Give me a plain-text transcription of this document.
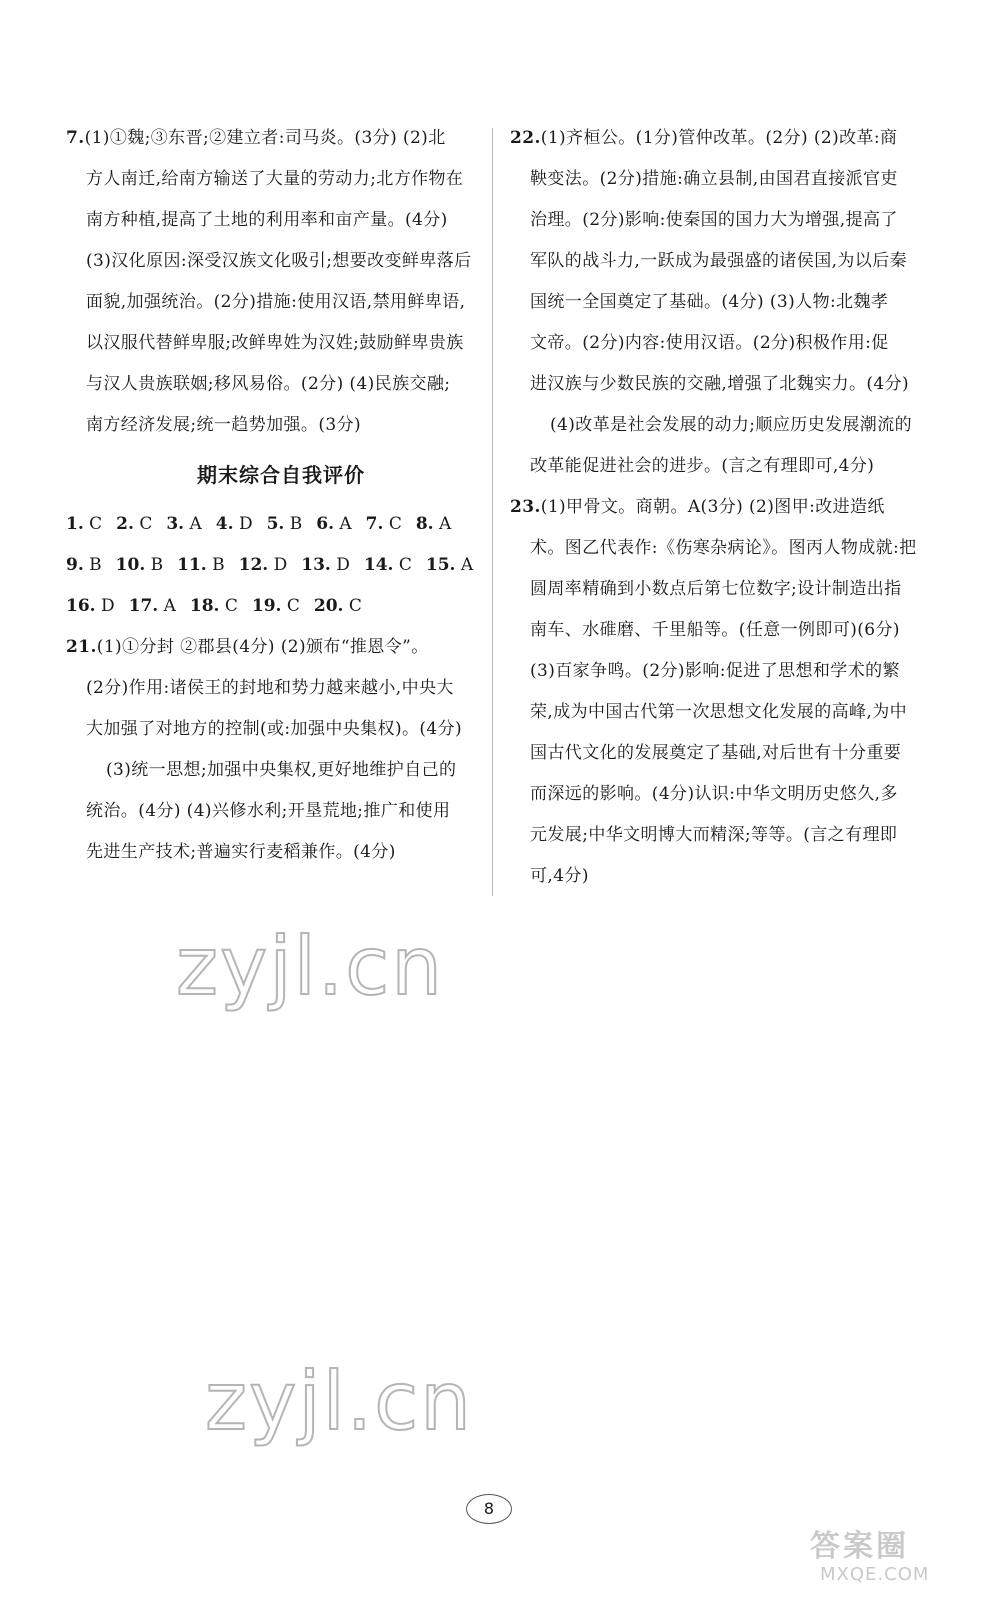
7.(1)①魏;③东晋;②建立者:司马炎。(3分) (2)北
方人南迁,给南方输送了大量的劳动力;北方作物在
南方种植,提高了土地的利用率和亩产量。(4分)
(3)汉化原因:深受汉族文化吸引;想要改变鲜卑落后
面貌,加强统治。(2分)措施:使用汉语,禁用鲜卑语,
以汉服代替鲜卑服;改鲜卑姓为汉姓;鼓励鲜卑贵族
与汉人贵族联姻;移风易俗。(2分) (4)民族交融;
南方经济发展;统一趋势加强。(3分)
期末综合自我评价
1. C 2. C 3. A 4. D 5. B 6. A 7. C 8. A
9. B 10. B 11. B 12. D 13. D 14. C 15. A
16. D 17. A 18. C 19. C 20. C
21.(1)①分封 ②郡县(4分) (2)颁布“推恩令”。
(2分)作用:诸侯王的封地和势力越来越小,中央大
大加强了对地方的控制(或:加强中央集权)。(4分)
(3)统一思想;加强中央集权,更好地维护自己的
统治。(4分) (4)兴修水利;开垦荒地;推广和使用
先进生产技术;普遍实行麦稻兼作。(4分)
22.(1)齐桓公。(1分)管仲改革。(2分) (2)改革:商
鞅变法。(2分)措施:确立县制,由国君直接派官吏
治理。(2分)影响:使秦国的国力大为增强,提高了
军队的战斗力,一跃成为最强盛的诸侯国,为以后秦
国统一全国奠定了基础。(4分) (3)人物:北魏孝
文帝。(2分)内容:使用汉语。(2分)积极作用:促
进汉族与少数民族的交融,增强了北魏实力。(4分)
(4)改革是社会发展的动力;顺应历史发展潮流的
改革能促进社会的进步。(言之有理即可,4分)
23.(1)甲骨文。商朝。A(3分) (2)图甲:改进造纸
术。图乙代表作:《伤寒杂病论》。图丙人物成就:把
圆周率精确到小数点后第七位数字;设计制造出指
南车、水碓磨、千里船等。(任意一例即可)(6分)
(3)百家争鸣。(2分)影响:促进了思想和学术的繁
荣,成为中国古代第一次思想文化发展的高峰,为中
国古代文化的发展奠定了基础,对后世有十分重要
而深远的影响。(4分)认识:中华文明历史悠久,多
元发展;中华文明博大而精深;等等。(言之有理即
可,4分)
zyjl.cn
zyjl.cn
8
答案圈
MXQE.COM
